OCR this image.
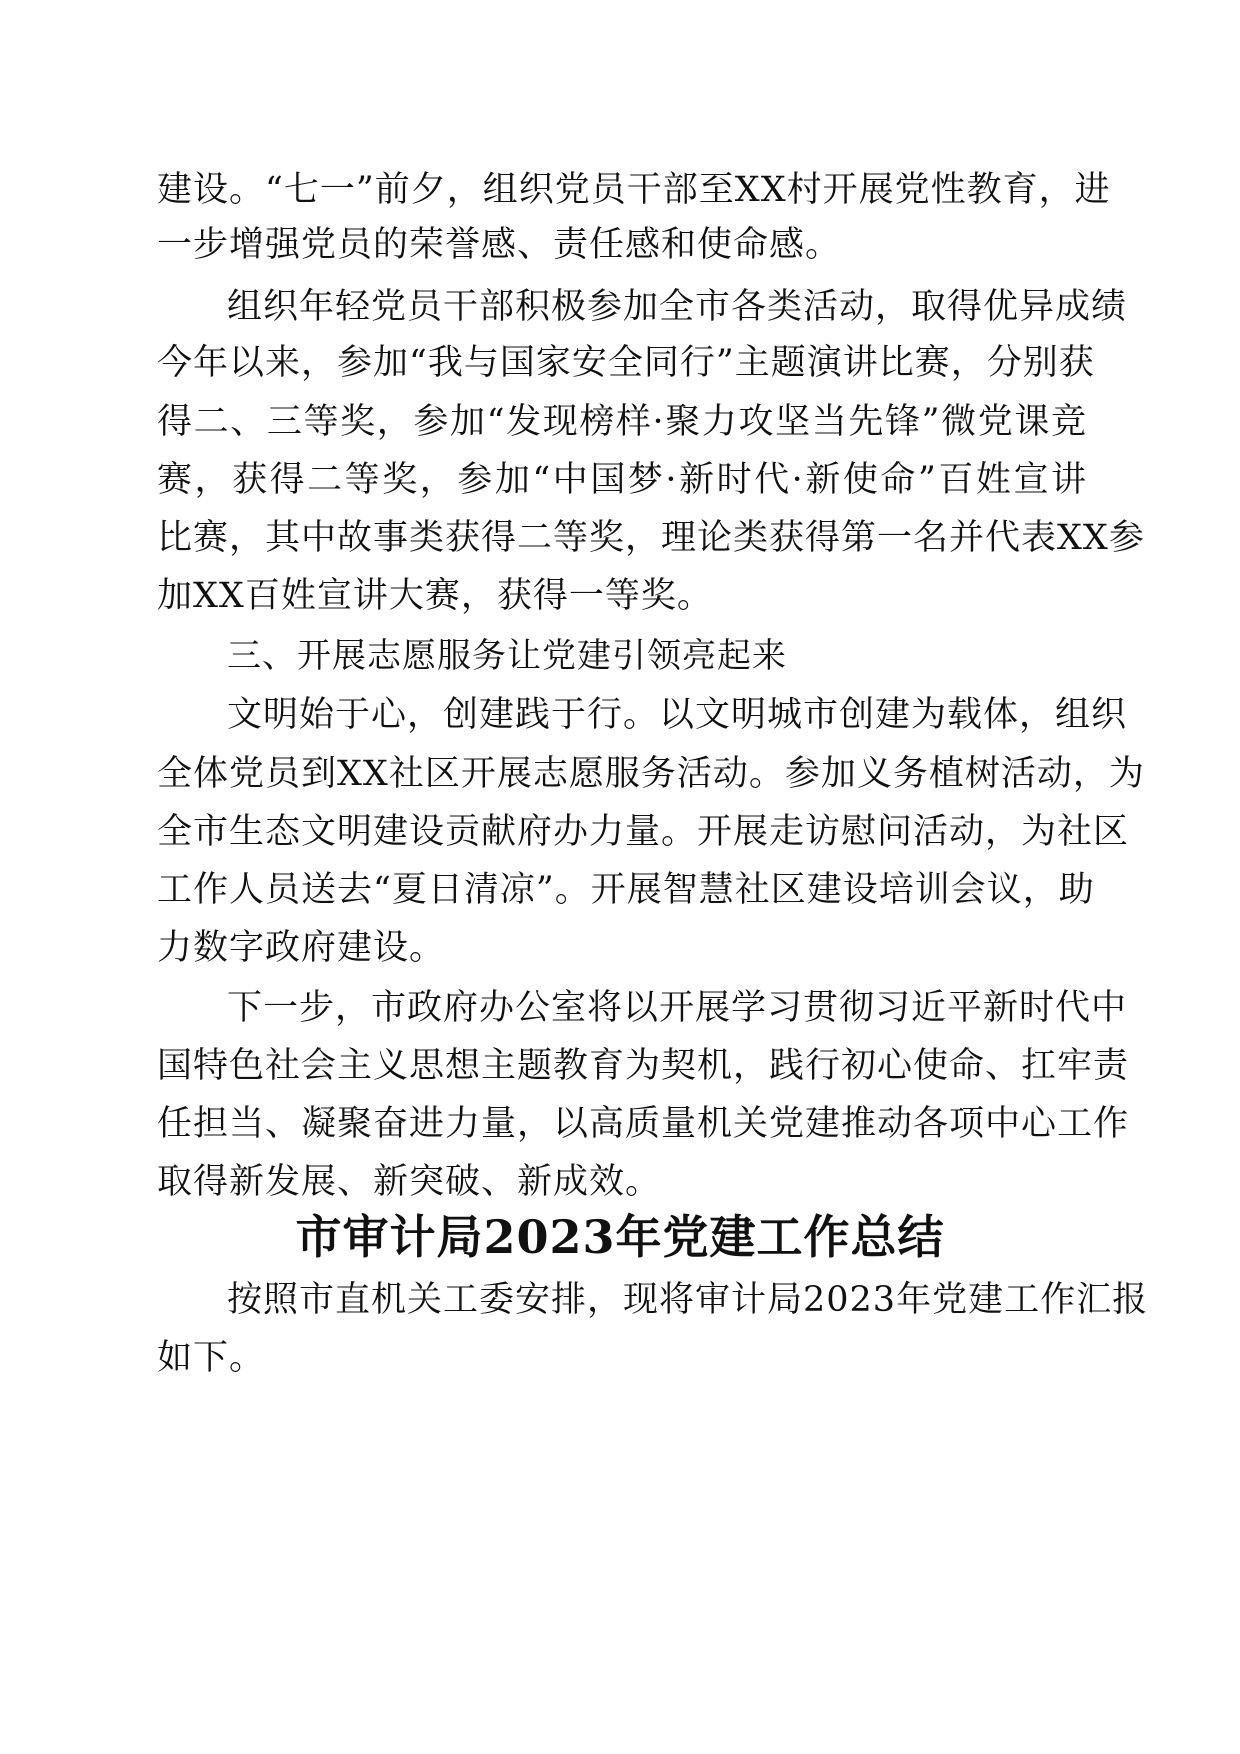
建设。“七一”前夕，组织党员干部至XX村开展党性教育，进
一步增强党员的荣誉感、责任感和使命感。
组织年轻党员干部积极参加全市各类活动，取得优异成绩
今年以来，参加“我与国家安全同行”主题演讲比赛，分别获
得二、三等奖，参加“发现榜样·聚力攻坚当先锋”微党课竞
赛，获得二等奖，参加“中国梦·新时代·新使命”百姓宣讲
比赛，其中故事类获得二等奖，理论类获得第一名并代表XX参
加XX百姓宣讲大赛，获得一等奖。
三、开展志愿服务让党建引领亮起来
文明始于心，创建践于行。以文明城市创建为载体，组织
全体党员到XX社区开展志愿服务活动。参加义务植树活动，为
全市生态文明建设贡献府办力量。开展走访慰问活动，为社区
工作人员送去“夏日清凉”。开展智慧社区建设培训会议，助
力数字政府建设。
下一步，市政府办公室将以开展学习贯彻习近平新时代中
国特色社会主义思想主题教育为契机，践行初心使命、扛牢责
任担当、凝聚奋进力量，以高质量机关党建推动各项中心工作
取得新发展、新突破、新成效。
市审计局2023年党建工作总结
按照市直机关工委安排，现将审计局2023年党建工作汇报
如下。
